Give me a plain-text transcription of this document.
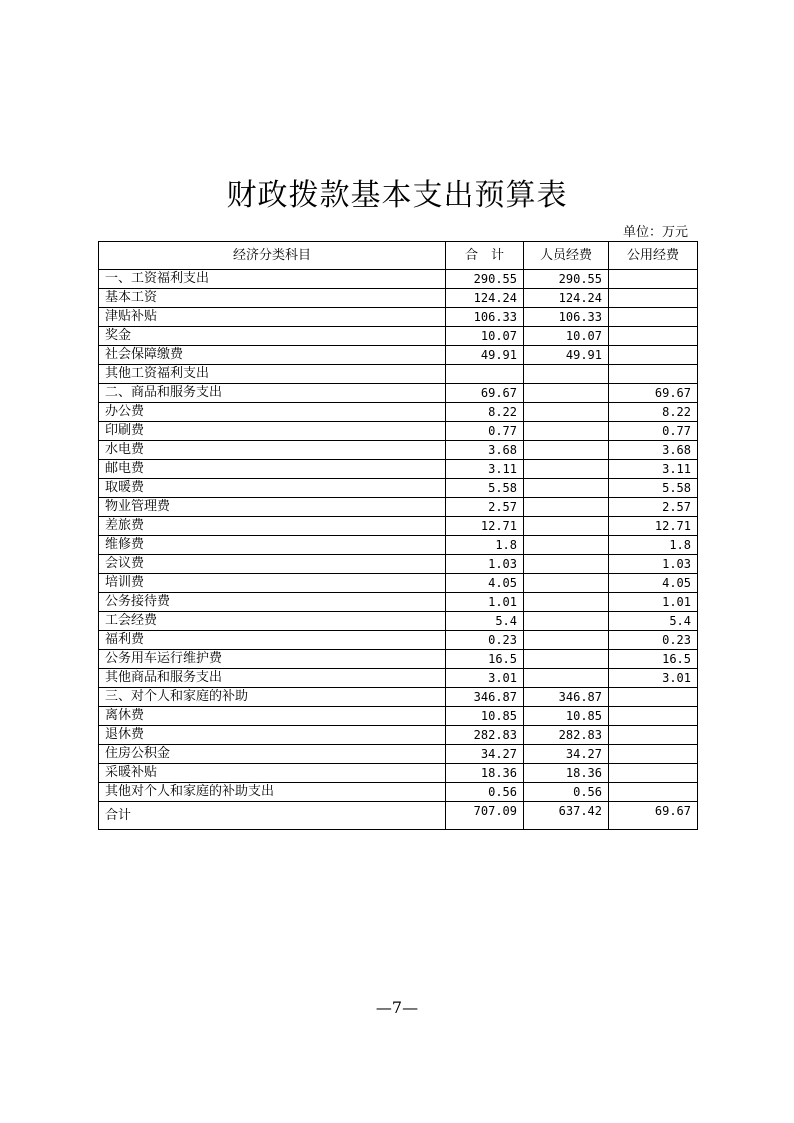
财政拨款基本支出预算表
单位：万元
经济分类科目	合　计	人员经费	公用经费
一、工资福利支出	290.55	290.55	
基本工资	124.24	124.24	
津贴补贴	106.33	106.33	
奖金	10.07	10.07	
社会保障缴费	49.91	49.91	
其他工资福利支出			
二、商品和服务支出	69.67		69.67
办公费	8.22		8.22
印刷费	0.77		0.77
水电费	3.68		3.68
邮电费	3.11		3.11
取暖费	5.58		5.58
物业管理费	2.57		2.57
差旅费	12.71		12.71
维修费	1.8		1.8
会议费	1.03		1.03
培训费	4.05		4.05
公务接待费	1.01		1.01
工会经费	5.4		5.4
福利费	0.23		0.23
公务用车运行维护费	16.5		16.5
其他商品和服务支出	3.01		3.01
三、对个人和家庭的补助	346.87	346.87	
离休费	10.85	10.85	
退休费	282.83	282.83	
住房公积金	34.27	34.27	
采暖补贴	18.36	18.36	
其他对个人和家庭的补助支出	0.56	0.56	
合计	707.09	637.42	69.67
—7—
